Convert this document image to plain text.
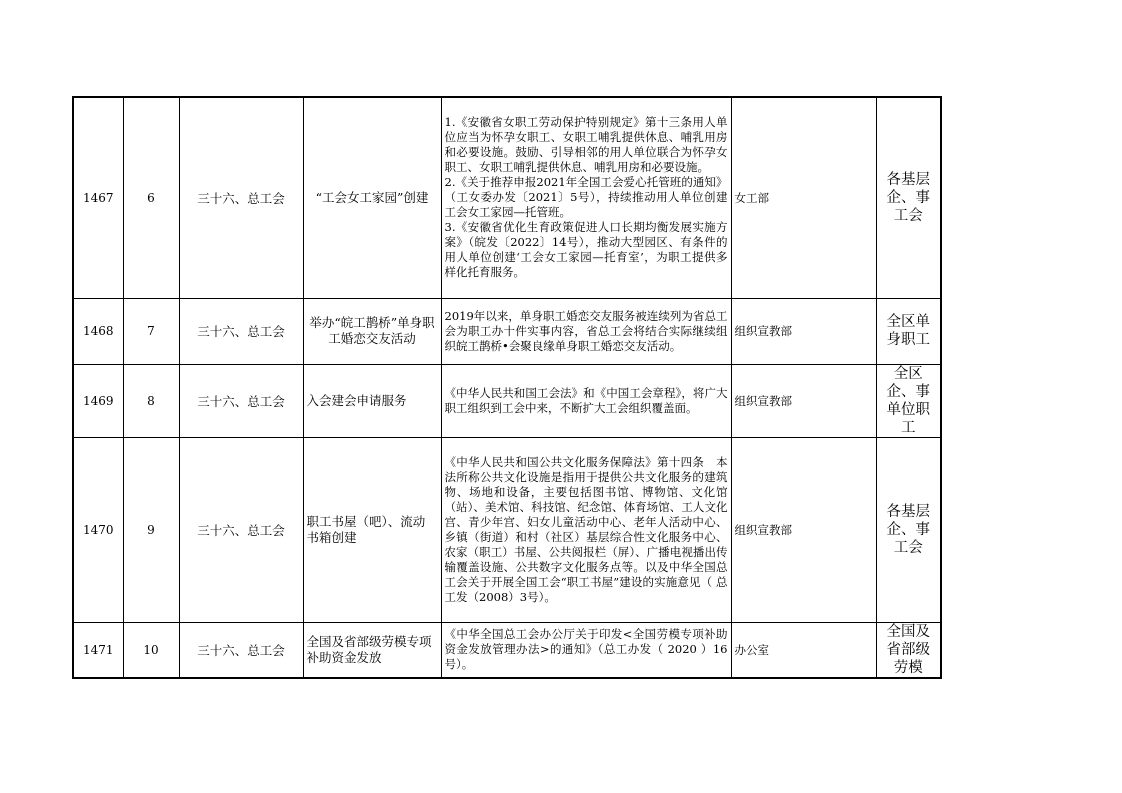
1467	6	三十六、总工会	“工会女工家园”创建	1.《安徽省女职工劳动保护特别规定》第十三条用人单位应当为怀孕女职工、女职工哺乳提供休息、哺乳用房和必要设施。鼓励、引导相邻的用人单位联合为怀孕女职工、女职工哺乳提供休息、哺乳用房和必要设施。
2.《关于推荐申报2021年全国工会爱心托管班的通知》（工女委办发〔2021〕5号），持续推动用人单位创建工会女工家园—托管班。
3.《安徽省优化生育政策促进人口长期均衡发展实施方案》（皖发〔2022〕14号），推动大型园区、有条件的用人单位创建‘工会女工家园—托育室’，为职工提供多样化托育服务。	女工部	各基层企、事工会
1468	7	三十六、总工会	举办“皖工鹊桥”单身职工婚恋交友活动	2019年以来，单身职工婚恋交友服务被连续列为省总工会为职工办十件实事内容，省总工会将结合实际继续组织皖工鹊桥•会聚良缘单身职工婚恋交友活动。	组织宣教部	全区单身职工
1469	8	三十六、总工会	入会建会申请服务	《中华人民共和国工会法》和《中国工会章程》，将广大职工组织到工会中来，不断扩大工会组织覆盖面。	组织宣教部	全区企、事单位职工
1470	9	三十六、总工会	职工书屋（吧）、流动书箱创建	《中华人民共和国公共文化服务保障法》第十四条　本法所称公共文化设施是指用于提供公共文化服务的建筑物、场地和设备，主要包括图书馆、博物馆、文化馆（站）、美术馆、科技馆、纪念馆、体育场馆、工人文化宫、青少年宫、妇女儿童活动中心、老年人活动中心、乡镇（街道）和村（社区）基层综合性文化服务中心、农家（职工）书屋、公共阅报栏（屏）、广播电视播出传输覆盖设施、公共数字文化服务点等。以及中华全国总工会关于开展全国工会“职工书屋”建设的实施意见（ 总工发（2008）3号）。	组织宣教部	各基层企、事工会
1471	10	三十六、总工会	全国及省部级劳模专项补助资金发放	《中华全国总工会办公厅关于印发<全国劳模专项补助资金发放管理办法>的通知》（总工办发（ 2020 ）16号）。	办公室	全国及省部级劳模
